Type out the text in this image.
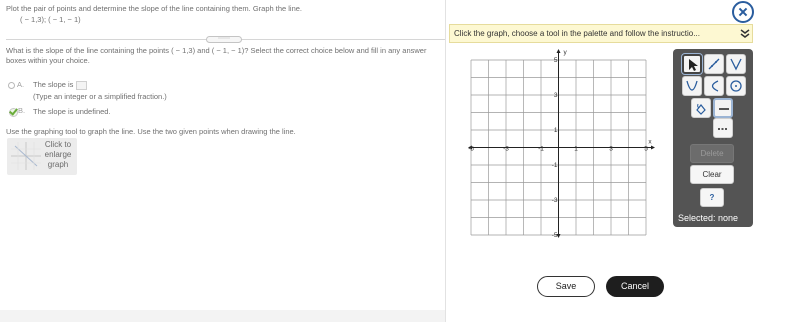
Plot the pair of points and determine the slope of the line containing them. Graph the line.
( − 1,3); ( − 1, − 1)
⋯⋯
What is the slope of the line containing the points ( − 1,3) and ( − 1, − 1)? Select the correct choice below and fill in any answer boxes within your choice.
A. The slope is
(Type an integer or a simplified fraction.)
B. The slope is undefined.
Use the graphing tool to graph the line. Use the two given points when drawing the line.
Click to enlarge graph
Click the graph, choose a tool in the palette and follow the instructio...
x
y
-5	-3	-1	1	3	5
5
3
1
-1
-3
-5
Delete
Clear
?
Selected: none
Save	Cancel
